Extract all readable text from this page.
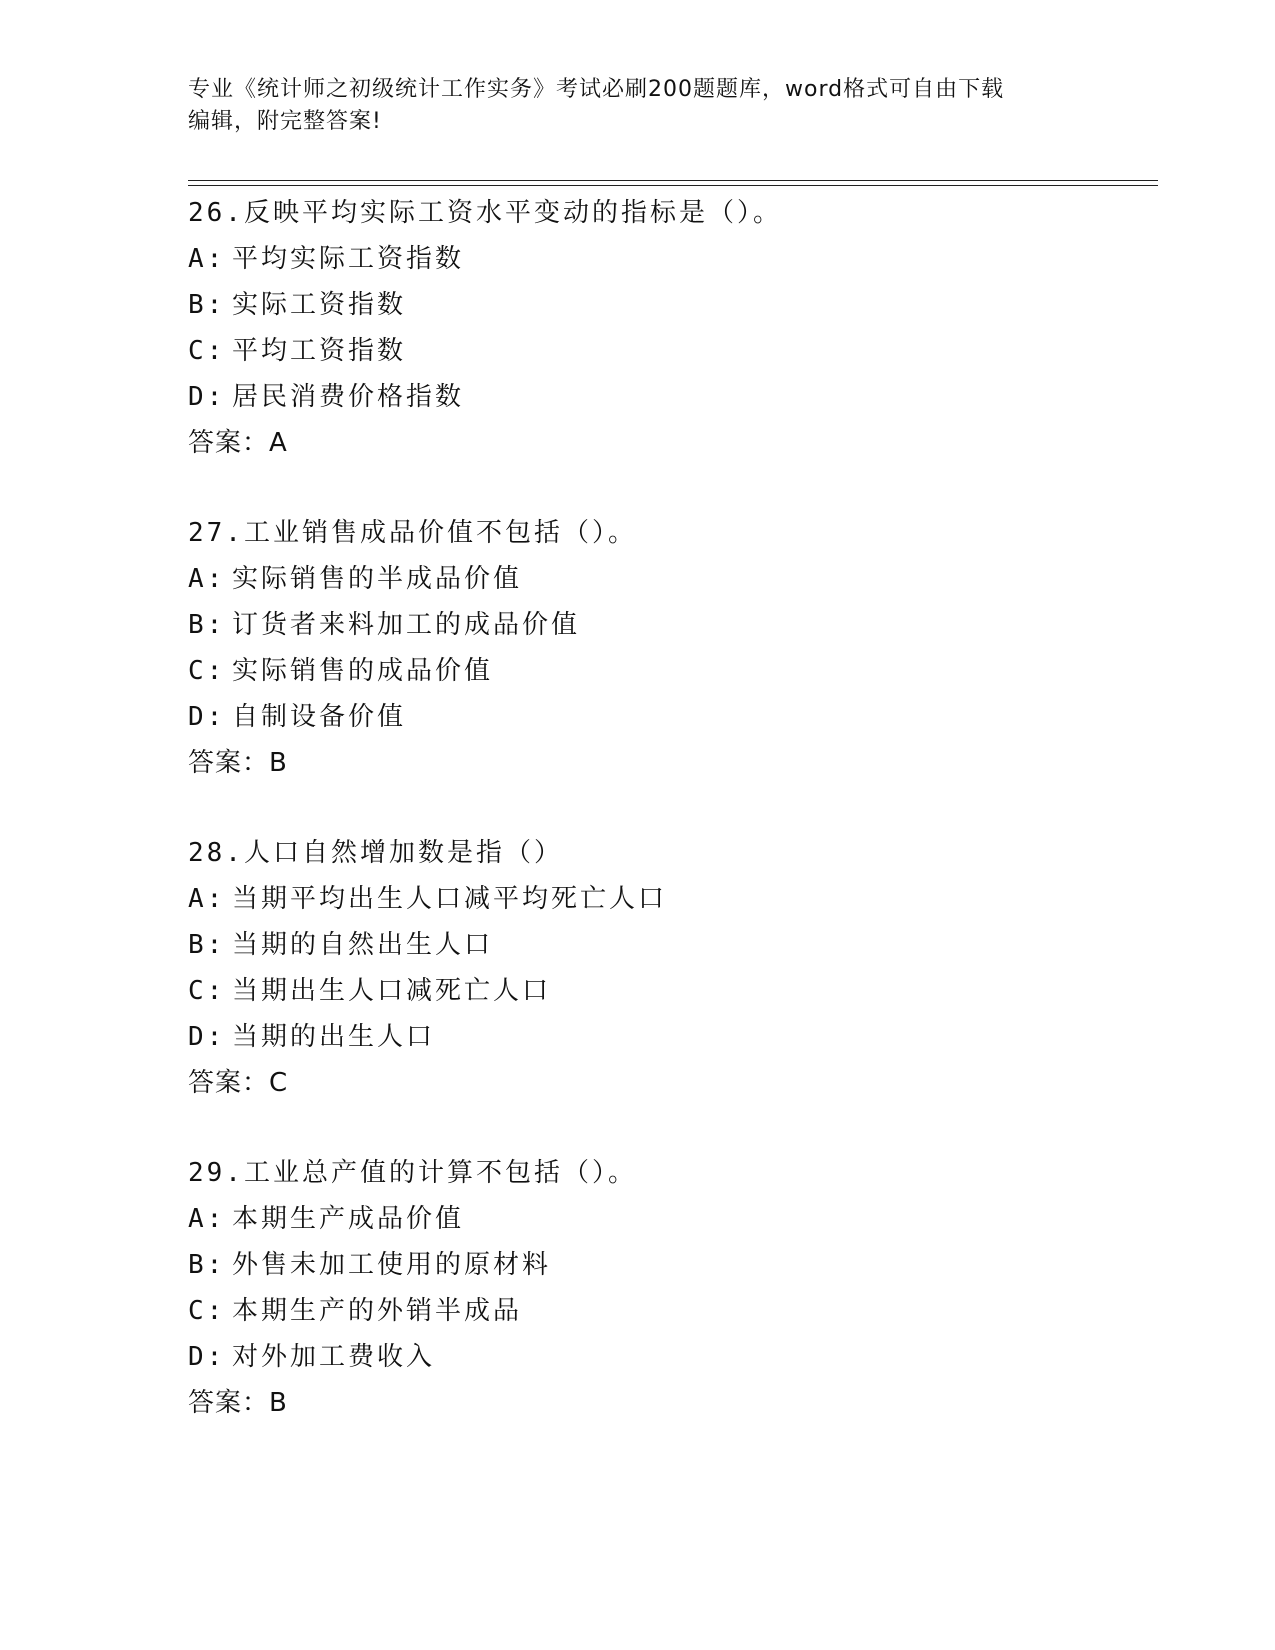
专业《统计师之初级统计工作实务》考试必刷200题题库，word格式可自由下载
编辑，附完整答案!
26.反映平均实际工资水平变动的指标是（）。
A: 平均实际工资指数
B: 实际工资指数
C: 平均工资指数
D: 居民消费价格指数
答案：A
27.工业销售成品价值不包括（）。
A: 实际销售的半成品价值
B: 订货者来料加工的成品价值
C: 实际销售的成品价值
D: 自制设备价值
答案：B
28.人口自然增加数是指（）
A: 当期平均出生人口减平均死亡人口
B: 当期的自然出生人口
C: 当期出生人口减死亡人口
D: 当期的出生人口
答案：C
29.工业总产值的计算不包括（）。
A: 本期生产成品价值
B: 外售未加工使用的原材料
C: 本期生产的外销半成品
D: 对外加工费收入
答案：B
